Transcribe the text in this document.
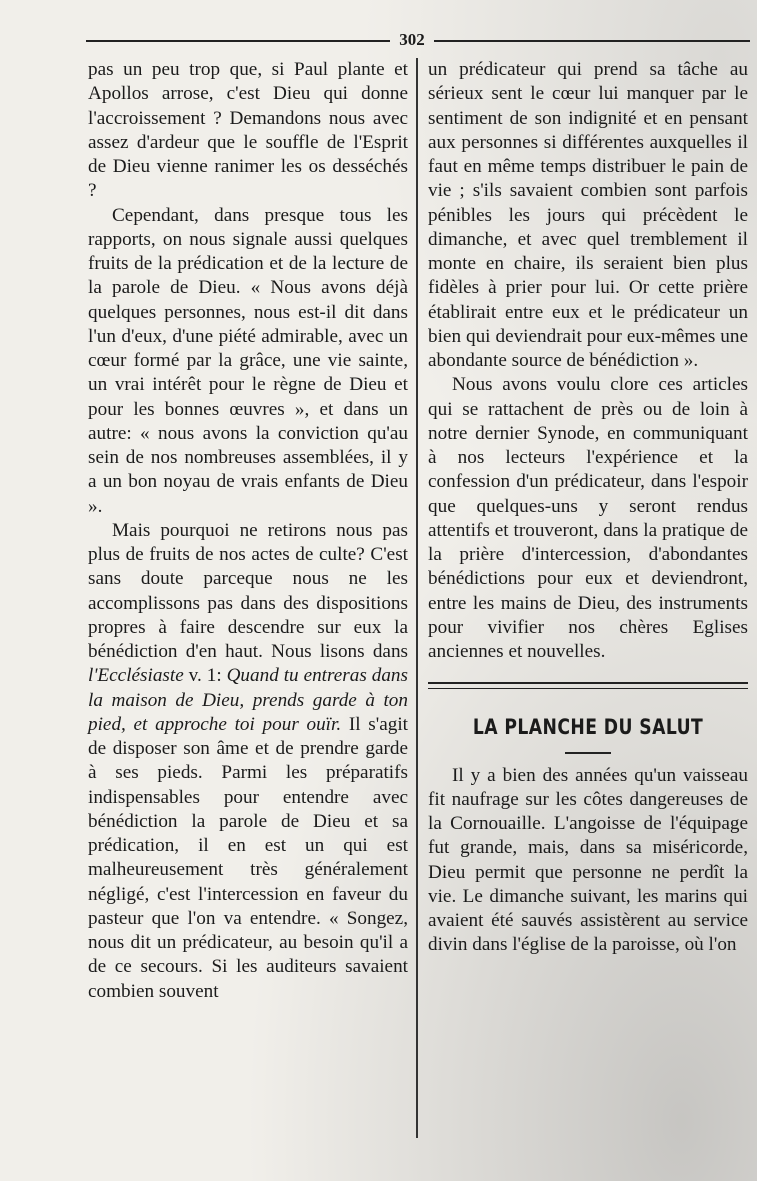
302

pas un peu trop que, si Paul plante et Apollos arrose, c'est Dieu qui donne l'accroissement ? Demandons nous avec assez d'ardeur que le souffle de l'Esprit de Dieu vienne ranimer les os desséchés ?

Cependant, dans presque tous les rapports, on nous signale aussi quelques fruits de la prédication et de la lecture de la parole de Dieu. « Nous avons déjà quelques personnes, nous est-il dit dans l'un d'eux, d'une piété admirable, avec un cœur formé par la grâce, une vie sainte, un vrai intérêt pour le règne de Dieu et pour les bonnes œuvres », et dans un autre: « nous avons la conviction qu'au sein de nos nombreuses assemblées, il y a un bon noyau de vrais enfants de Dieu ».

Mais pourquoi ne retirons nous pas plus de fruits de nos actes de culte? C'est sans doute parceque nous ne les accomplissons pas dans des dispositions propres à faire descendre sur eux la bénédiction d'en haut. Nous lisons dans l'Ecclésiaste v. 1: Quand tu entreras dans la maison de Dieu, prends garde à ton pied, et approche toi pour ouïr. Il s'agit de disposer son âme et de prendre garde à ses pieds. Parmi les préparatifs indispensables pour entendre avec bénédiction la parole de Dieu et sa prédication, il en est un qui est malheureusement très généralement négligé, c'est l'intercession en faveur du pasteur que l'on va entendre. « Songez, nous dit un prédicateur, au besoin qu'il a de ce secours. Si les auditeurs savaient combien souvent

un prédicateur qui prend sa tâche au sérieux sent le cœur lui manquer par le sentiment de son indignité et en pensant aux personnes si différentes auxquelles il faut en même temps distribuer le pain de vie ; s'ils savaient combien sont parfois pénibles les jours qui précèdent le dimanche, et avec quel tremblement il monte en chaire, ils seraient bien plus fidèles à prier pour lui. Or cette prière établirait entre eux et le prédicateur un bien qui deviendrait pour eux-mêmes une abondante source de bénédiction ».

Nous avons voulu clore ces articles qui se rattachent de près ou de loin à notre dernier Synode, en communiquant à nos lecteurs l'expérience et la confession d'un prédicateur, dans l'espoir que quelques-uns y seront rendus attentifs et trouveront, dans la pratique de la prière d'intercession, d'abondantes bénédictions pour eux et deviendront, entre les mains de Dieu, des instruments pour vivifier nos chères Eglises anciennes et nouvelles.

LA PLANCHE DU SALUT

Il y a bien des années qu'un vaisseau fit naufrage sur les côtes dangereuses de la Cornouaille. L'angoisse de l'équipage fut grande, mais, dans sa miséricorde, Dieu permit que personne ne perdît la vie. Le dimanche suivant, les marins qui avaient été sauvés assistèrent au service divin dans l'église de la paroisse, où l'on
